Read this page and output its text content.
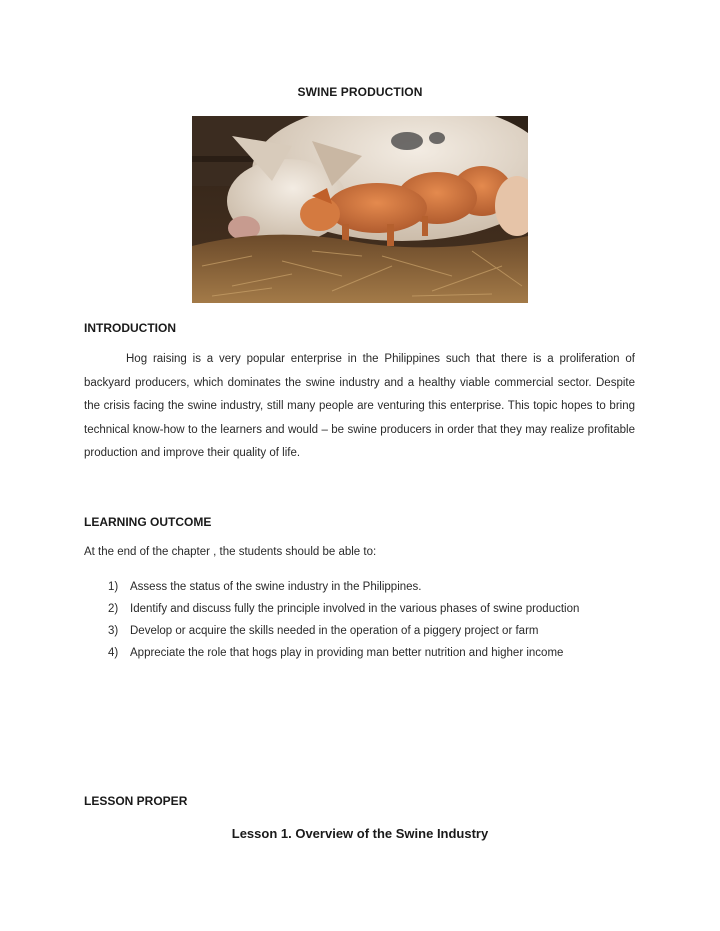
SWINE PRODUCTION
INTRODUCTION
Hog raising is a very popular enterprise in the Philippines such that there is a proliferation of backyard producers, which dominates the swine industry and a healthy viable commercial sector. Despite the crisis facing the swine industry, still many people are venturing this enterprise. This topic hopes to bring technical know-how to the learners and would – be swine producers in order that they may realize profitable production and improve their quality of life.
LEARNING OUTCOME
At the end of the chapter , the students should be able to:
1) Assess the status of the swine industry in the Philippines.
2) Identify and discuss fully the principle involved in the various phases of swine production
3) Develop or acquire the skills needed in the operation of a piggery project or farm
4) Appreciate the role that hogs play in providing man better nutrition and higher income
LESSON PROPER
Lesson 1. Overview of the Swine Industry
